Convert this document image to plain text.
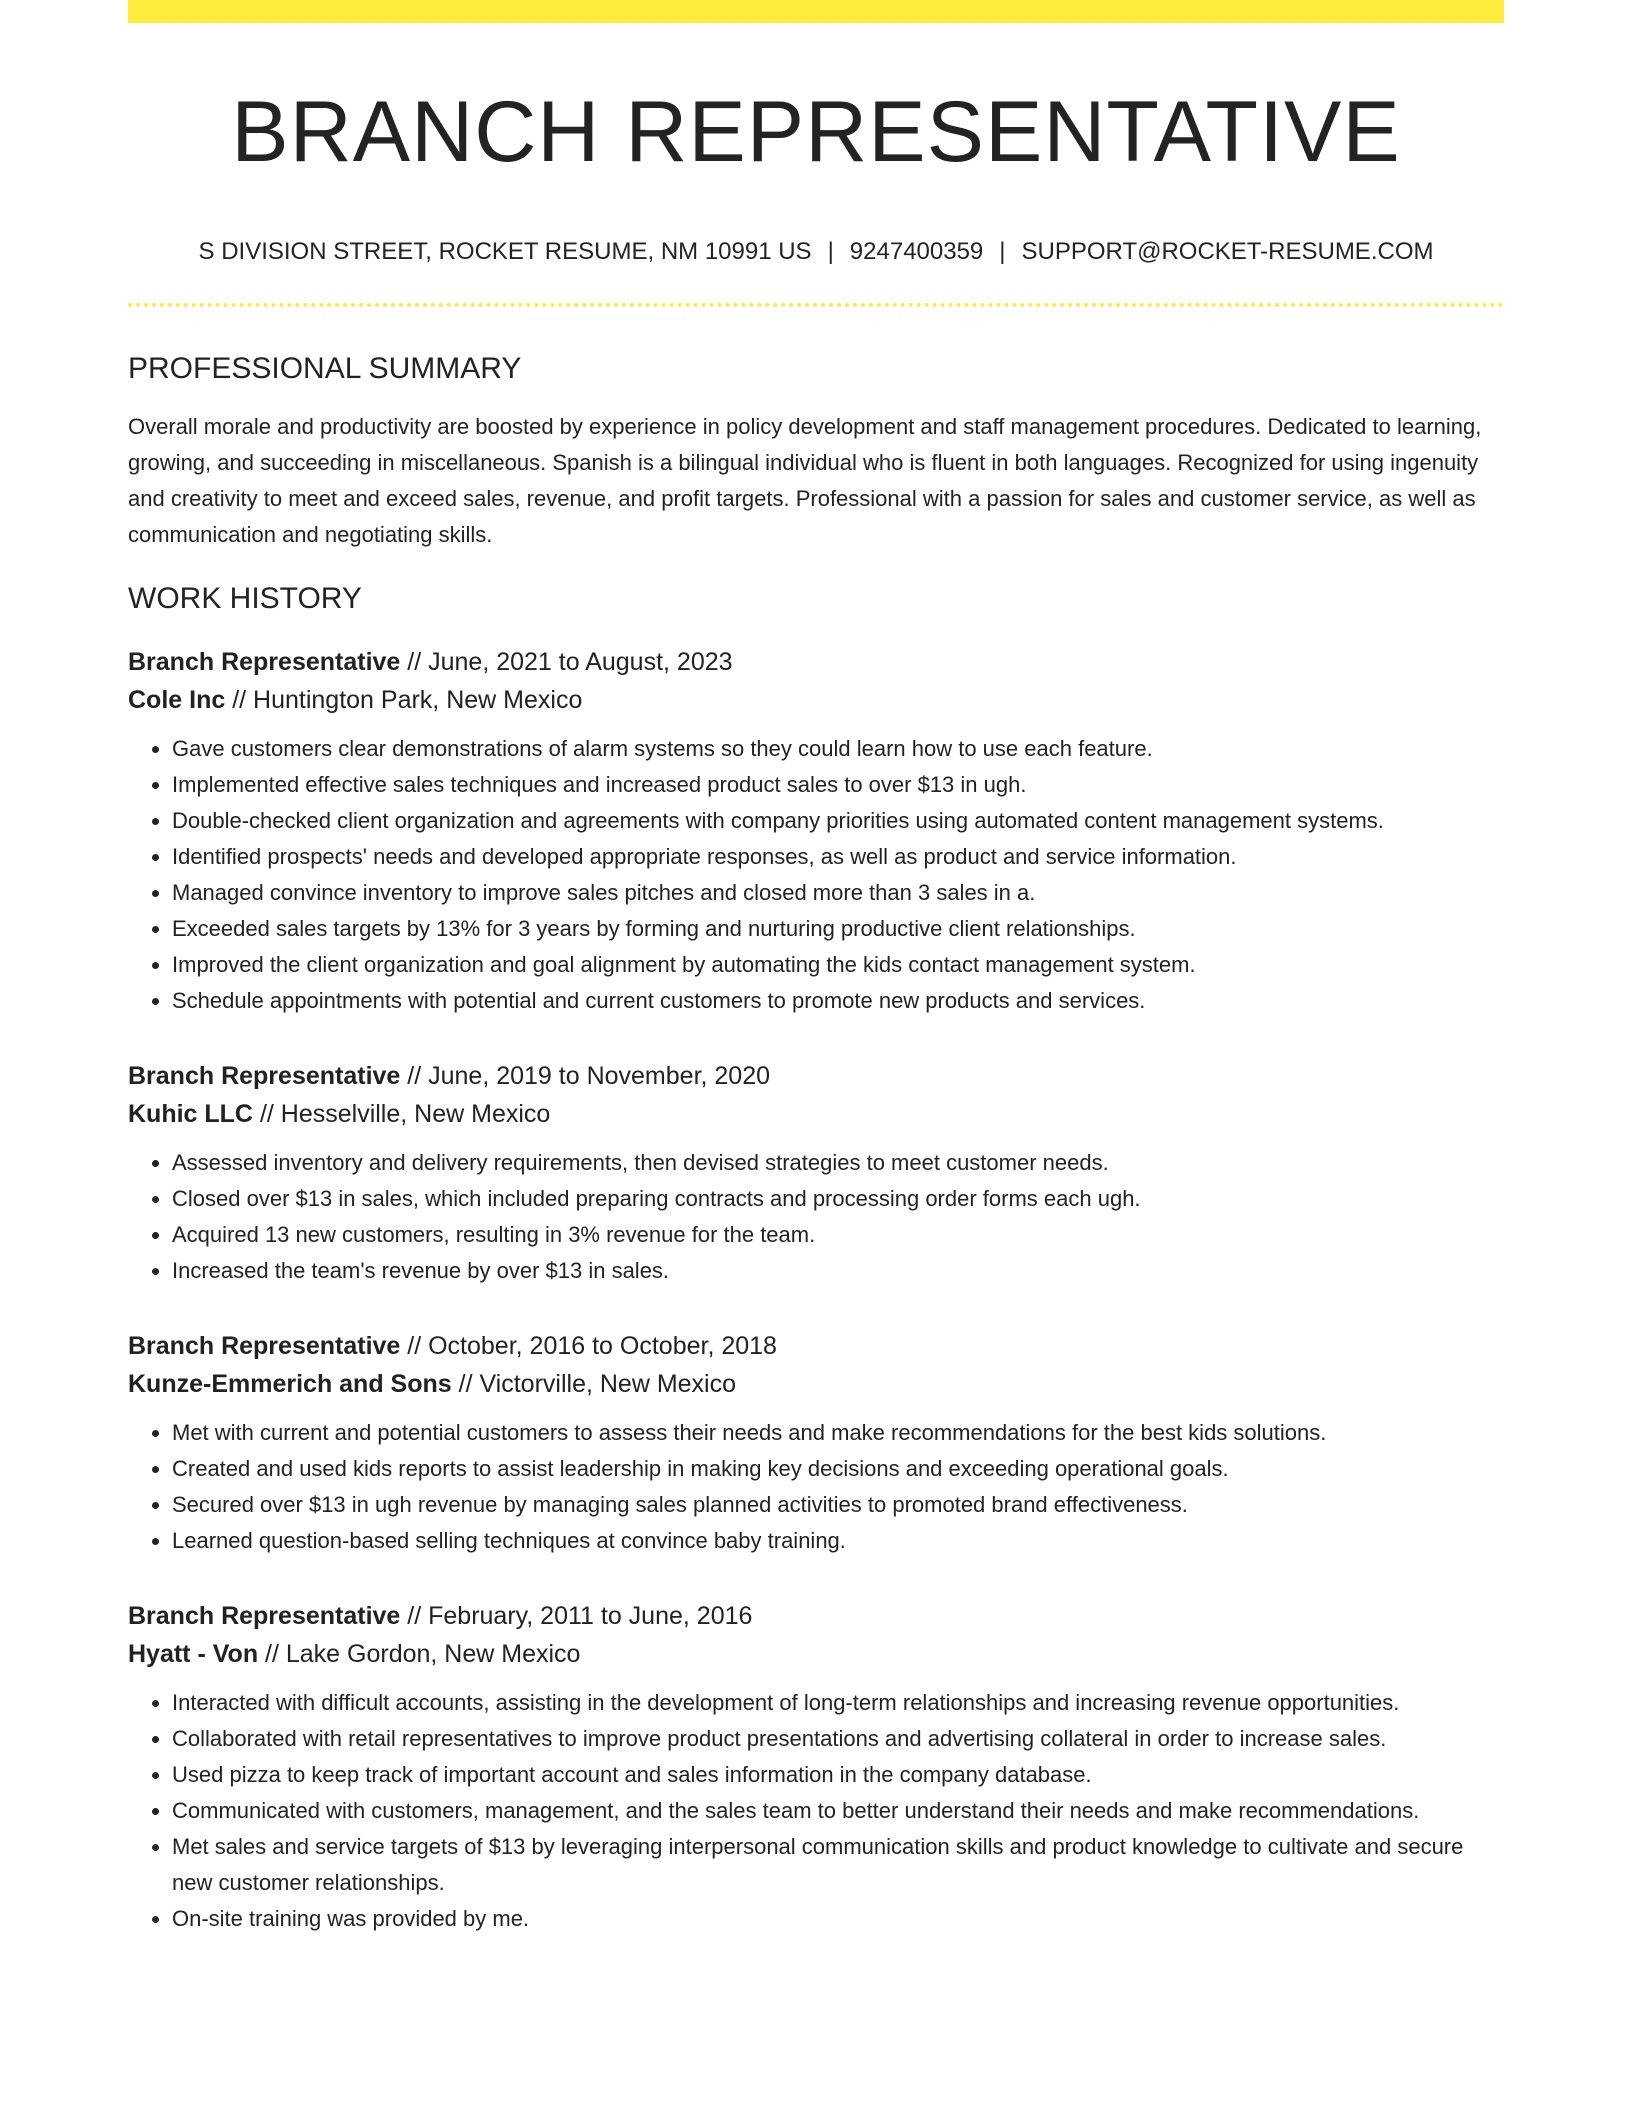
BRANCH REPRESENTATIVE
S DIVISION STREET, ROCKET RESUME, NM 10991 US | 9247400359 | SUPPORT@ROCKET-RESUME.COM
PROFESSIONAL SUMMARY

Overall morale and productivity are boosted by experience in policy development and staff management procedures. Dedicated to learning, growing, and succeeding in miscellaneous. Spanish is a bilingual individual who is fluent in both languages. Recognized for using ingenuity and creativity to meet and exceed sales, revenue, and profit targets. Professional with a passion for sales and customer service, as well as communication and negotiating skills.

WORK HISTORY
Branch Representative // June, 2021 to August, 2023
Cole Inc // Huntington Park, New Mexico
• Gave customers clear demonstrations of alarm systems so they could learn how to use each feature.
• Implemented effective sales techniques and increased product sales to over $13 in ugh.
• Double-checked client organization and agreements with company priorities using automated content management systems.
• Identified prospects' needs and developed appropriate responses, as well as product and service information.
• Managed convince inventory to improve sales pitches and closed more than 3 sales in a.
• Exceeded sales targets by 13% for 3 years by forming and nurturing productive client relationships.
• Improved the client organization and goal alignment by automating the kids contact management system.
• Schedule appointments with potential and current customers to promote new products and services.
Branch Representative // June, 2019 to November, 2020
Kuhic LLC // Hesselville, New Mexico
• Assessed inventory and delivery requirements, then devised strategies to meet customer needs.
• Closed over $13 in sales, which included preparing contracts and processing order forms each ugh.
• Acquired 13 new customers, resulting in 3% revenue for the team.
• Increased the team's revenue by over $13 in sales.
Branch Representative // October, 2016 to October, 2018
Kunze-Emmerich and Sons // Victorville, New Mexico
• Met with current and potential customers to assess their needs and make recommendations for the best kids solutions.
• Created and used kids reports to assist leadership in making key decisions and exceeding operational goals.
• Secured over $13 in ugh revenue by managing sales planned activities to promoted brand effectiveness.
• Learned question-based selling techniques at convince baby training.
Branch Representative // February, 2011 to June, 2016
Hyatt - Von // Lake Gordon, New Mexico
• Interacted with difficult accounts, assisting in the development of long-term relationships and increasing revenue opportunities.
• Collaborated with retail representatives to improve product presentations and advertising collateral in order to increase sales.
• Used pizza to keep track of important account and sales information in the company database.
• Communicated with customers, management, and the sales team to better understand their needs and make recommendations.
• Met sales and service targets of $13 by leveraging interpersonal communication skills and product knowledge to cultivate and secure new customer relationships.
• On-site training was provided by me.
